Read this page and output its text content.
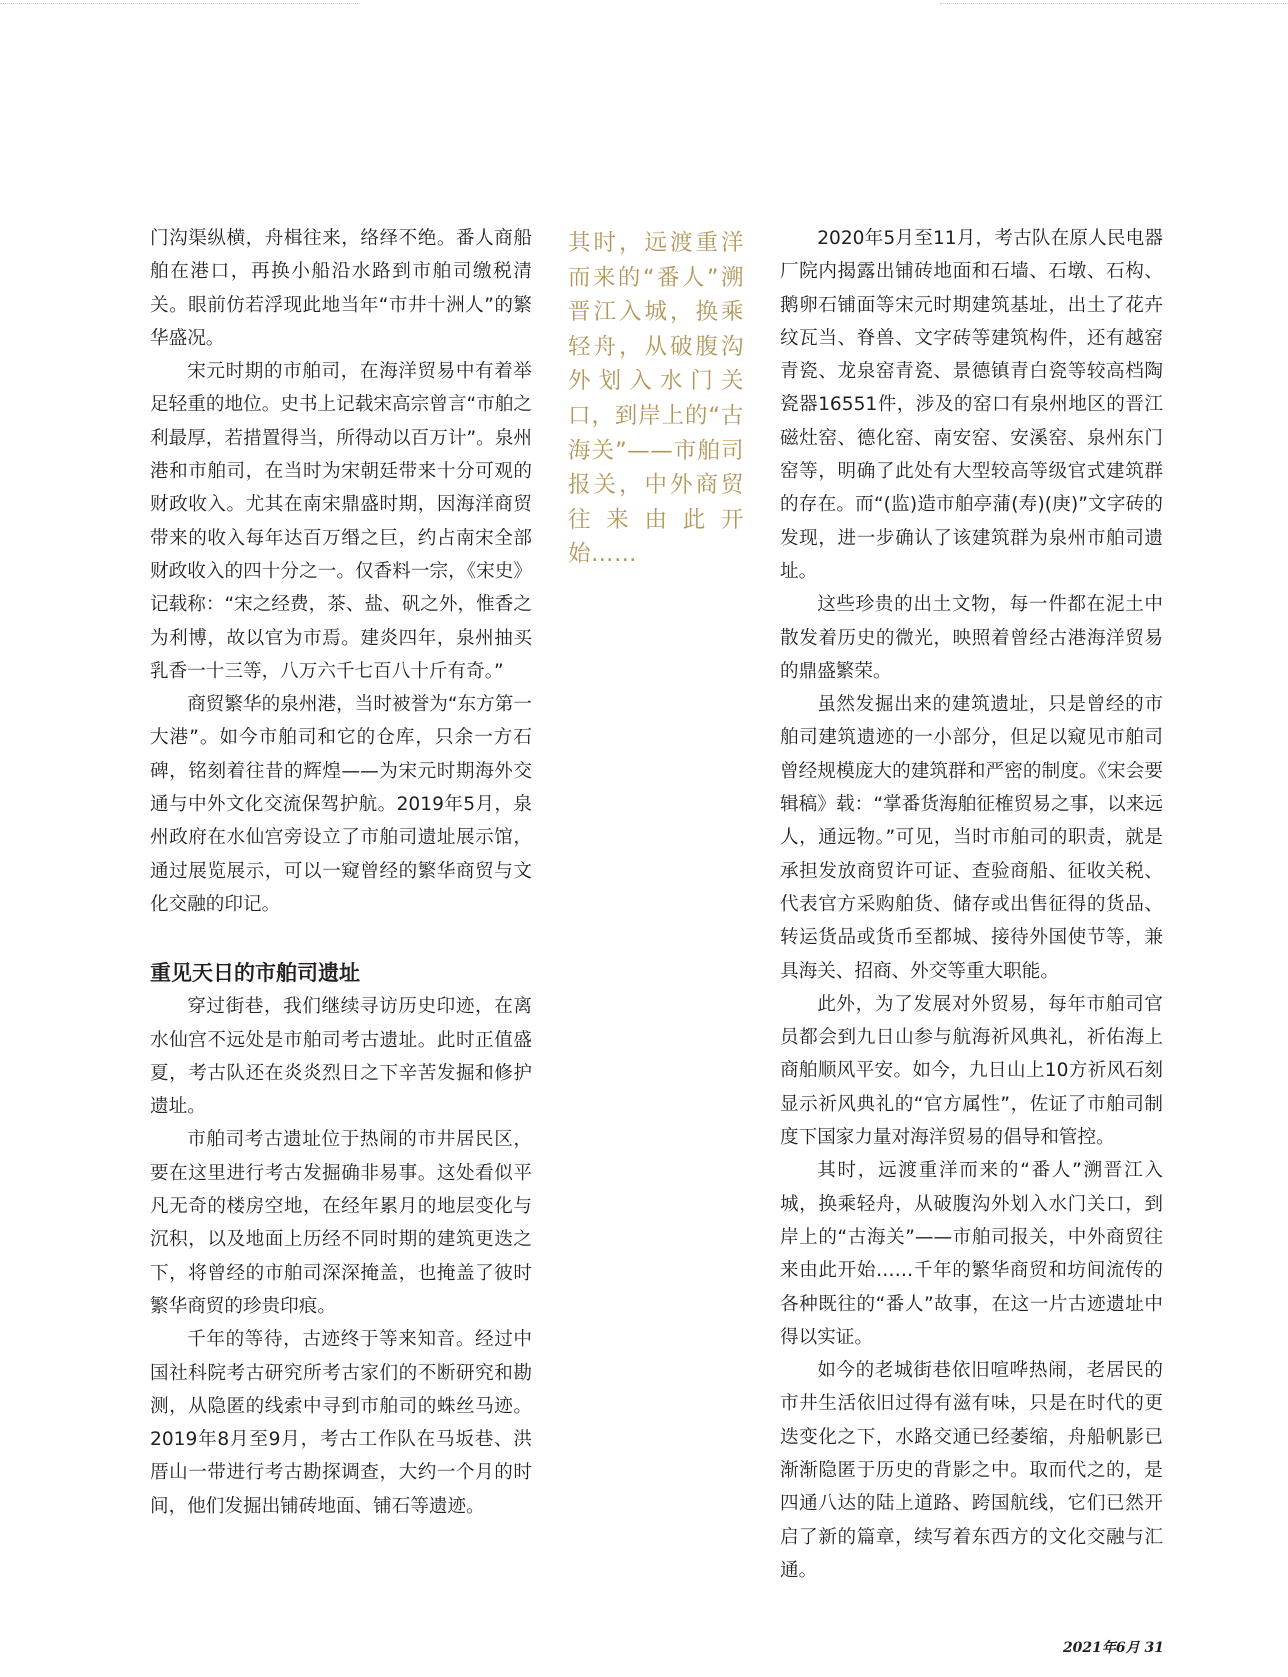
门沟渠纵横，舟楫往来，络绎不绝。番人商船舶在港口，再换小船沿水路到市舶司缴税清关。眼前仿若浮现此地当年“市井十洲人”的繁华盛况。

宋元时期的市舶司，在海洋贸易中有着举足轻重的地位。史书上记载宋高宗曾言“市舶之利最厚，若措置得当，所得动以百万计”。泉州港和市舶司，在当时为宋朝廷带来十分可观的财政收入。尤其在南宋鼎盛时期，因海洋商贸带来的收入每年达百万缗之巨，约占南宋全部财政收入的四十分之一。仅香料一宗，《宋史》记载称：“宋之经费，茶、盐、矾之外，惟香之为利博，故以官为市焉。建炎四年，泉州抽买乳香一十三等，八万六千七百八十斤有奇。”

商贸繁华的泉州港，当时被誉为“东方第一大港”。如今市舶司和它的仓库，只余一方石碑，铭刻着往昔的辉煌——为宋元时期海外交通与中外文化交流保驾护航。2019年5月，泉州政府在水仙宫旁设立了市舶司遗址展示馆，通过展览展示，可以一窥曾经的繁华商贸与文化交融的印记。

重见天日的市舶司遗址

穿过街巷，我们继续寻访历史印迹，在离水仙宫不远处是市舶司考古遗址。此时正值盛夏，考古队还在炎炎烈日之下辛苦发掘和修护遗址。

市舶司考古遗址位于热闹的市井居民区，要在这里进行考古发掘确非易事。这处看似平凡无奇的楼房空地，在经年累月的地层变化与沉积，以及地面上历经不同时期的建筑更迭之下，将曾经的市舶司深深掩盖，也掩盖了彼时繁华商贸的珍贵印痕。

千年的等待，古迹终于等来知音。经过中国社科院考古研究所考古家们的不断研究和勘测，从隐匿的线索中寻到市舶司的蛛丝马迹。2019年8月至9月，考古工作队在马坂巷、洪厝山一带进行考古勘探调查，大约一个月的时间，他们发掘出铺砖地面、铺石等遗迹。

其时，远渡重洋而来的“番人”溯晋江入城，换乘轻舟，从破腹沟外划入水门关口，到岸上的“古海关”——市舶司报关，中外商贸往来由此开始……

2020年5月至11月，考古队在原人民电器厂院内揭露出铺砖地面和石墙、石墩、石构、鹅卵石铺面等宋元时期建筑基址，出土了花卉纹瓦当、脊兽、文字砖等建筑构件，还有越窑青瓷、龙泉窑青瓷、景德镇青白瓷等较高档陶瓷器16551件，涉及的窑口有泉州地区的晋江磁灶窑、德化窑、南安窑、安溪窑、泉州东门窑等，明确了此处有大型较高等级官式建筑群的存在。而“(监)造市舶亭蒲(寿)(庚)”文字砖的发现，进一步确认了该建筑群为泉州市舶司遗址。

这些珍贵的出土文物，每一件都在泥土中散发着历史的微光，映照着曾经古港海洋贸易的鼎盛繁荣。

虽然发掘出来的建筑遗址，只是曾经的市舶司建筑遗迹的一小部分，但足以窥见市舶司曾经规模庞大的建筑群和严密的制度。《宋会要辑稿》载：“掌番货海舶征榷贸易之事，以来远人，通远物。”可见，当时市舶司的职责，就是承担发放商贸许可证、查验商船、征收关税、代表官方采购舶货、储存或出售征得的货品、转运货品或货币至都城、接待外国使节等，兼具海关、招商、外交等重大职能。

此外，为了发展对外贸易，每年市舶司官员都会到九日山参与航海祈风典礼，祈佑海上商舶顺风平安。如今，九日山上10方祈风石刻显示祈风典礼的“官方属性”，佐证了市舶司制度下国家力量对海洋贸易的倡导和管控。

其时，远渡重洋而来的“番人”溯晋江入城，换乘轻舟，从破腹沟外划入水门关口，到岸上的“古海关”——市舶司报关，中外商贸往来由此开始……千年的繁华商贸和坊间流传的各种既往的“番人”故事，在这一片古迹遗址中得以实证。

如今的老城街巷依旧喧哗热闹，老居民的市井生活依旧过得有滋有味，只是在时代的更迭变化之下，水路交通已经萎缩，舟船帆影已渐渐隐匿于历史的背影之中。取而代之的，是四通八达的陆上道路、跨国航线，它们已然开启了新的篇章，续写着东西方的文化交融与汇通。

2021年6月 31
